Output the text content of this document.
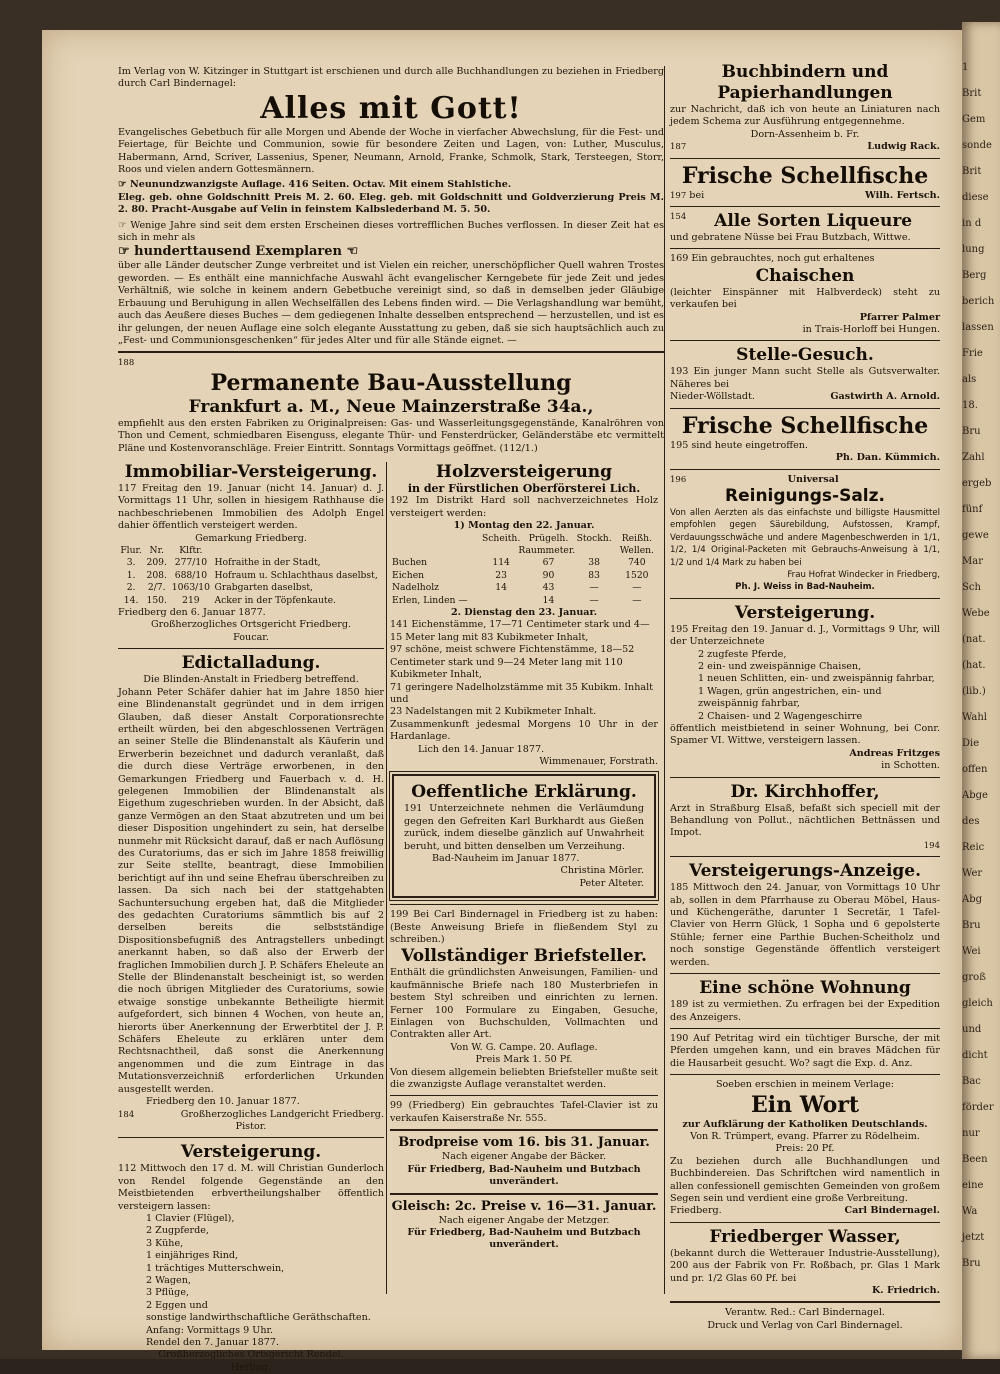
1
Brit
Gem
sonde
Brit
diese
in d
lung
Berg
berich
lassen
Frie
als
18.
Bru
Zahl
ergeb
fünf
gewe
Mar
Sch
Webe
(nat.
(hat.
(lib.)
Wahl
Die
offen
Abge
des
Reic
Wer
Abg
Bru
Wei
groß
gleich
und
dicht
Bac
förder
nur
Been
eine
Wa
jetzt
Bru

Im Verlag von W. Kitzinger in Stuttgart ist erschienen und durch alle Buchhandlungen zu beziehen in Friedberg durch Carl Bindernagel:

Alles mit Gott!

Evangelisches Gebetbuch für alle Morgen und Abende der Woche in vierfacher Abwechslung, für die Fest- und Feiertage, für Beichte und Communion, sowie für besondere Zeiten und Lagen, von: Luther, Musculus, Habermann, Arnd, Scriver, Lassenius, Spener, Neumann, Arnold, Franke, Schmolk, Stark, Tersteegen, Storr, Roos und vielen andern Gottesmännern.

☞ Neunundzwanzigste Auflage. 416 Seiten. Octav. Mit einem Stahlstiche.

Eleg. geb. ohne Goldschnitt Preis M. 2. 60. Eleg. geb. mit Goldschnitt und Goldverzierung Preis M. 2. 80. Pracht-Ausgabe auf Velin in feinstem Kalbslederband M. 5. 50.

☞ Wenige Jahre sind seit dem ersten Erscheinen dieses vortrefflichen Buches verflossen. In dieser Zeit hat es sich in mehr als

☞ hunderttausend Exemplaren ☜

über alle Länder deutscher Zunge verbreitet und ist Vielen ein reicher, unerschöpflicher Quell wahren Trostes geworden. — Es enthält eine mannichfache Auswahl ächt evangelischer Kerngebete für jede Zeit und jedes Verhältniß, wie solche in keinem andern Gebetbuche vereinigt sind, so daß in demselben jeder Gläubige Erbauung und Beruhigung in allen Wechselfällen des Lebens finden wird. — Die Verlagshandlung war bemüht, auch das Aeußere dieses Buches — dem gediegenen Inhalte desselben entsprechend — herzustellen, und ist es ihr gelungen, der neuen Auflage eine solch elegante Ausstattung zu geben, daß sie sich hauptsächlich auch zu „Fest- und Communionsgeschenken“ für jedes Alter und für alle Stände eignet. —

188
Permanente Bau-Ausstellung
Frankfurt a. M., Neue Mainzerstraße 34a.,

empfiehlt aus den ersten Fabriken zu Originalpreisen: Gas- und Wasserleitungsgegenstände, Kanalröhren von Thon und Cement, schmiedbaren Eisenguss, elegante Thür- und Fensterdrücker, Geländerstäbe etc vermittelt Pläne und Kostenvoranschläge. Freier Eintritt. Sonntags Vormittags geöffnet. (112/1.)

Immobiliar-Versteigerung.

117 Freitag den 19. Januar (nicht 14. Januar) d. J. Vormittags 11 Uhr, sollen in hiesigem Rathhause die nachbeschriebenen Immobilien des Adolph Engel dahier öffentlich versteigert werden.

Gemarkung Friedberg.
Flur.	Nr.	Klftr.	
3.	209.	277/10	Hofraithe in der Stadt,
1.	208.	688/10	Hofraum u. Schlachthaus daselbst,
2.	2/7.	1063/10	Grabgarten daselbst,
14.	150.	219	Acker in der Töpfenkaute.

Friedberg den 6. Januar 1877.

Großherzogliches Ortsgericht Friedberg.

Foucar.

Edictalladung.

Die Blinden-Anstalt in Friedberg betreffend.

Johann Peter Schäfer dahier hat im Jahre 1850 hier eine Blindenanstalt gegründet und in dem irrigen Glauben, daß dieser Anstalt Corporationsrechte ertheilt würden, bei den abgeschlossenen Verträgen an seiner Stelle die Blindenanstalt als Käuferin und Erwerberin bezeichnet und dadurch veranlaßt, daß die durch diese Verträge erworbenen, in den Gemarkungen Friedberg und Fauerbach v. d. H. gelegenen Immobilien der Blindenanstalt als Eigethum zugeschrieben wurden. In der Absicht, daß ganze Vermögen an den Staat abzutreten und um bei dieser Disposition ungehindert zu sein, hat derselbe nunmehr mit Rücksicht darauf, daß er nach Auflösung des Curatoriums, das er sich im Jahre 1858 freiwillig zur Seite stellte, beantragt, diese Immobilien berichtigt auf ihn und seine Ehefrau überschreiben zu lassen. Da sich nach bei der stattgehabten Sachuntersuchung ergeben hat, daß die Mitglieder des gedachten Curatoriums sämmtlich bis auf 2 derselben bereits die selbstständige Dispositionsbefugniß des Antragstellers unbedingt anerkannt haben, so daß also der Erwerb der fraglichen Immobilien durch J. P. Schäfers Eheleute an Stelle der Blindenanstalt bescheinigt ist, so werden die noch übrigen Mitglieder des Curatoriums, sowie etwaige sonstige unbekannte Betheiligte hiermit aufgefordert, sich binnen 4 Wochen, von heute an, hierorts über Anerkennung der Erwerbtitel der J. P. Schäfers Eheleute zu erklären unter dem Rechtsnachtheil, daß sonst die Anerkennung angenommen und die zum Eintrage in das Mutationsverzeichniß erforderlichen Urkunden ausgestellt werden.

Friedberg den 10. Januar 1877.

184	Großherzogliches Landgericht Friedberg.

Pistor.

Versteigerung.

112 Mittwoch den 17 d. M. will Christian Gunderloch von Rendel folgende Gegenstände an den Meistbietenden erbvertheilungshalber öffentlich versteigern lassen:

1 Clavier (Flügel),
2 Zugpferde,
3 Kühe,
1 einjähriges Rind,
1 trächtiges Mutterschwein,
2 Wagen,
3 Pflüge,
2 Eggen und
sonstige landwirthschaftliche Geräthschaften.

Anfang: Vormittags 9 Uhr.

Rendel den 7. Januar 1877.

Großherzogliches Ortsgericht Rendel.

Herling.

Holzversteigerung
in der Fürstlichen Oberförsterei Lich.

192 Im Distrikt Hard soll nachverzeichnetes Holz versteigert werden:

1) Montag den 22. Januar.

	Scheith.	Prügelh.	Stockh.	Reißh.
	Raummeter.			Wellen.
Buchen	114	67	38	740
Eichen	23	90	83	1520
Nadelholz	14	43	—	—
Erlen, Linden —		14	—	—

2. Dienstag den 23. Januar.

141 Eichenstämme, 17—71 Centimeter stark und 4—15 Meter lang mit 83 Kubikmeter Inhalt,
97 schöne, meist schwere Fichtenstämme, 18—52 Centimeter stark und 9—24 Meter lang mit 110 Kubikmeter Inhalt,
71 geringere Nadelholzstämme mit 35 Kubikm. Inhalt und
23 Nadelstangen mit 2 Kubikmeter Inhalt.

Zusammenkunft jedesmal Morgens 10 Uhr in der Hardanlage.

Lich den 14. Januar 1877.

Wimmenauer, Forstrath.

Oeffentliche Erklärung.

191 Unterzeichnete nehmen die Verläumdung gegen den Gefreiten Karl Burkhardt aus Gießen zurück, indem dieselbe gänzlich auf Unwahrheit beruht, und bitten denselben um Verzeihung.

Bad-Nauheim im Januar 1877.

Christina Mörler.

Peter Alteter.

199 Bei Carl Bindernagel in Friedberg ist zu haben: (Beste Anweisung Briefe in fließendem Styl zu schreiben.)

Vollständiger Briefsteller.

Enthält die gründlichsten Anweisungen, Familien- und kaufmännische Briefe nach 180 Musterbriefen in bestem Styl schreiben und einrichten zu lernen. Ferner 100 Formulare zu Eingaben, Gesuche, Einlagen von Buchschulden, Vollmachten und Contrakten aller Art.

Von W. G. Campe. 20. Auflage.

Preis Mark 1. 50 Pf.

Von diesem allgemein beliebten Briefsteller mußte seit die zwanzigste Auflage veranstaltet werden.

99 (Friedberg) Ein gebrauchtes Tafel-Clavier ist zu verkaufen Kaiserstraße Nr. 555.

Brodpreise vom 16. bis 31. Januar.

Nach eigener Angabe der Bäcker.

Für Friedberg, Bad-Nauheim und Butzbach

unverändert.

Gleisch: 2c. Preise v. 16—31. Januar.

Nach eigener Angabe der Metzger.

Für Friedberg, Bad-Nauheim und Butzbach

unverändert.

Buchbindern und Papierhandlungen

zur Nachricht, daß ich von heute an Liniaturen nach jedem Schema zur Ausführung entgegennehme.

Dorn-Assenheim b. Fr.

187	Ludwig Rack.
Frische Schellfische
197 bei	Wilh. Fertsch.
154 Alle Sorten Liqueure

und gebratene Nüsse bei Frau Butzbach, Wittwe.

169 Ein gebrauchtes, noch gut erhaltenes

Chaischen

(leichter Einspänner mit Halbverdeck) steht zu verkaufen bei

Pfarrer Palmer

in Trais-Horloff bei Hungen.

Stelle-Gesuch.

193 Ein junger Mann sucht Stelle als Gutsverwalter. Näheres bei

Nieder-Wöllstadt.	Gastwirth A. Arnold.
Frische Schellfische

195 sind heute eingetroffen.

Ph. Dan. Kümmich.

196	Universal
Reinigungs-Salz.

Von allen Aerzten als das einfachste und billigste Hausmittel empfohlen gegen Säurebildung, Aufstossen, Krampf, Verdauungsschwäche und andere Magenbeschwerden in 1/1, 1/2, 1/4 Original-Packeten mit Gebrauchs-Anweisung à 1/1, 1/2 und 1/4 Mark zu haben bei

Frau Hofrat Windecker in Friedberg,

Ph. J. Weiss in Bad-Nauheim.

Versteigerung.

195 Freitag den 19. Januar d. J., Vormittags 9 Uhr, will der Unterzeichnete

2 zugfeste Pferde,
2 ein- und zweispännige Chaisen,
1 neuen Schlitten, ein- und zweispännig fahrbar,
1 Wagen, grün angestrichen, ein- und zweispännig fahrbar,
2 Chaisen- und 2 Wagengeschirre

öffentlich meistbietend in seiner Wohnung, bei Conr. Spamer VI. Wittwe, versteigern lassen.

Andreas Fritzges

in Schotten.

Dr. Kirchhoffer,

Arzt in Straßburg Elsaß, befaßt sich speciell mit der Behandlung von Pollut., nächtlichen Bettnässen und Impot.

194

Versteigerungs-Anzeige.

185 Mittwoch den 24. Januar, von Vormittags 10 Uhr ab, sollen in dem Pfarrhause zu Oberau Möbel, Haus- und Küchengeräthe, darunter 1 Secretär, 1 Tafel-Clavier von Herrn Glück, 1 Sopha und 6 gepolsterte Stühle; ferner eine Parthie Buchen-Scheitholz und noch sonstige Gegenstände öffentlich versteigert werden.

Eine schöne Wohnung

189 ist zu vermiethen. Zu erfragen bei der Expedition des Anzeigers.

190 Auf Petritag wird ein tüchtiger Bursche, der mit Pferden umgehen kann, und ein braves Mädchen für die Hausarbeit gesucht. Wo? sagt die Exp. d. Anz.

Soeben erschien in meinem Verlage:

Ein Wort

zur Aufklärung der Katholiken Deutschlands.

Von R. Trümpert, evang. Pfarrer zu Rödelheim.

Preis: 20 Pf.

Zu beziehen durch alle Buchhandlungen und Buchbindereien. Das Schriftchen wird namentlich in allen confessionell gemischten Gemeinden von großem Segen sein und verdient eine große Verbreitung.

Friedberg.	Carl Bindernagel.
Friedberger Wasser,

(bekannt durch die Wetterauer Industrie-Ausstellung), 200 aus der Fabrik von Fr. Roßbach, pr. Glas 1 Mark und pr. 1/2 Glas 60 Pf. bei

K. Friedrich.

Verantw. Red.: Carl Bindernagel.

Druck und Verlag von Carl Bindernagel.
